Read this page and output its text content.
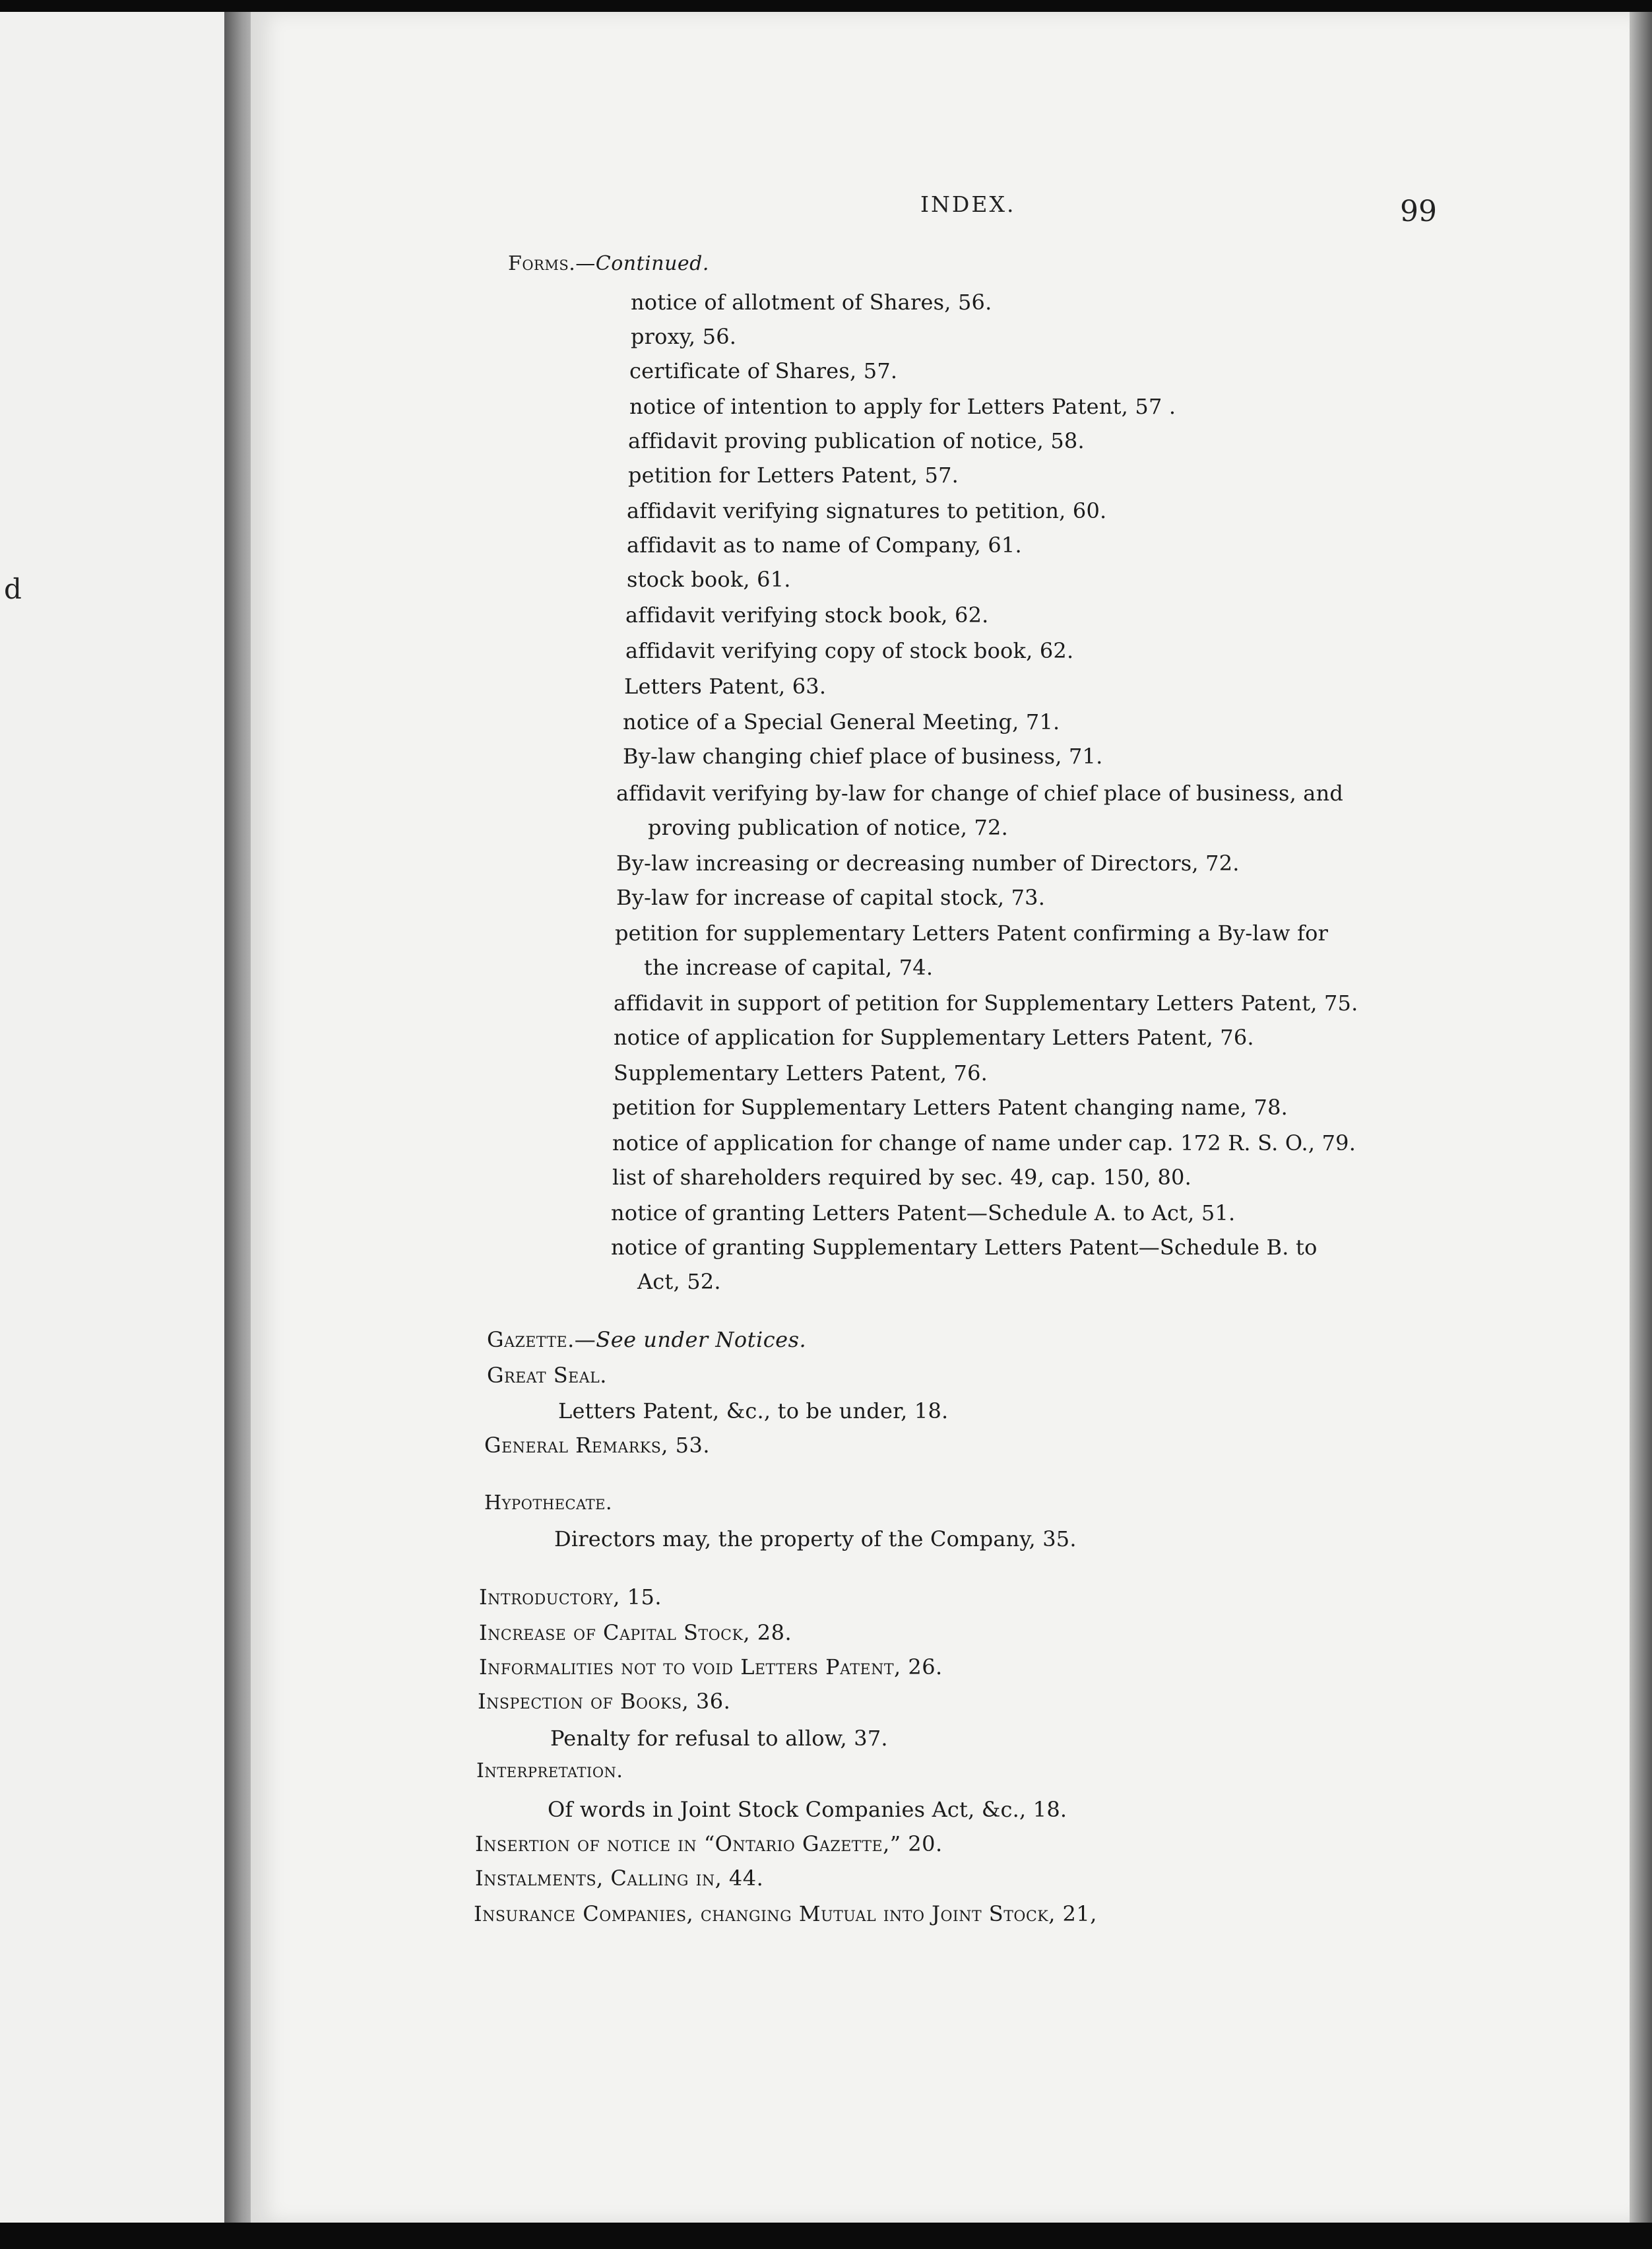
d
INDEX.	99
Forms.—Continued.
notice of allotment of Shares, 56.
proxy, 56.
certificate of Shares, 57.
notice of intention to apply for Letters Patent, 57 .
affidavit proving publication of notice, 58.
petition for Letters Patent, 57.
affidavit verifying signatures to petition, 60.
affidavit as to name of Company, 61.
stock book, 61.
affidavit verifying stock book, 62.
affidavit verifying copy of stock book, 62.
Letters Patent, 63.
notice of a Special General Meeting, 71.
By-law changing chief place of business, 71.
affidavit verifying by-law for change of chief place of business, and
proving publication of notice, 72.
By-law increasing or decreasing number of Directors, 72.
By-law for increase of capital stock, 73.
petition for supplementary Letters Patent confirming a By-law for
the increase of capital, 74.
affidavit in support of petition for Supplementary Letters Patent, 75.
notice of application for Supplementary Letters Patent, 76.
Supplementary Letters Patent, 76.
petition for Supplementary Letters Patent changing name, 78.
notice of application for change of name under cap. 172 R. S. O., 79.
list of shareholders required by sec. 49, cap. 150, 80.
notice of granting Letters Patent—Schedule A. to Act, 51.
notice of granting Supplementary Letters Patent—Schedule B. to
Act, 52.
Gazette.—See under Notices.
Great Seal.
Letters Patent, &c., to be under, 18.
General Remarks, 53.
Hypothecate.
Directors may, the property of the Company, 35.
Introductory, 15.
Increase of Capital Stock, 28.
Informalities not to void Letters Patent, 26.
Inspection of Books, 36.
Penalty for refusal to allow, 37.
Interpretation.
Of words in Joint Stock Companies Act, &c., 18.
Insertion of notice in “Ontario Gazette,” 20.
Instalments, Calling in, 44.
Insurance Companies, changing Mutual into Joint Stock, 21,
